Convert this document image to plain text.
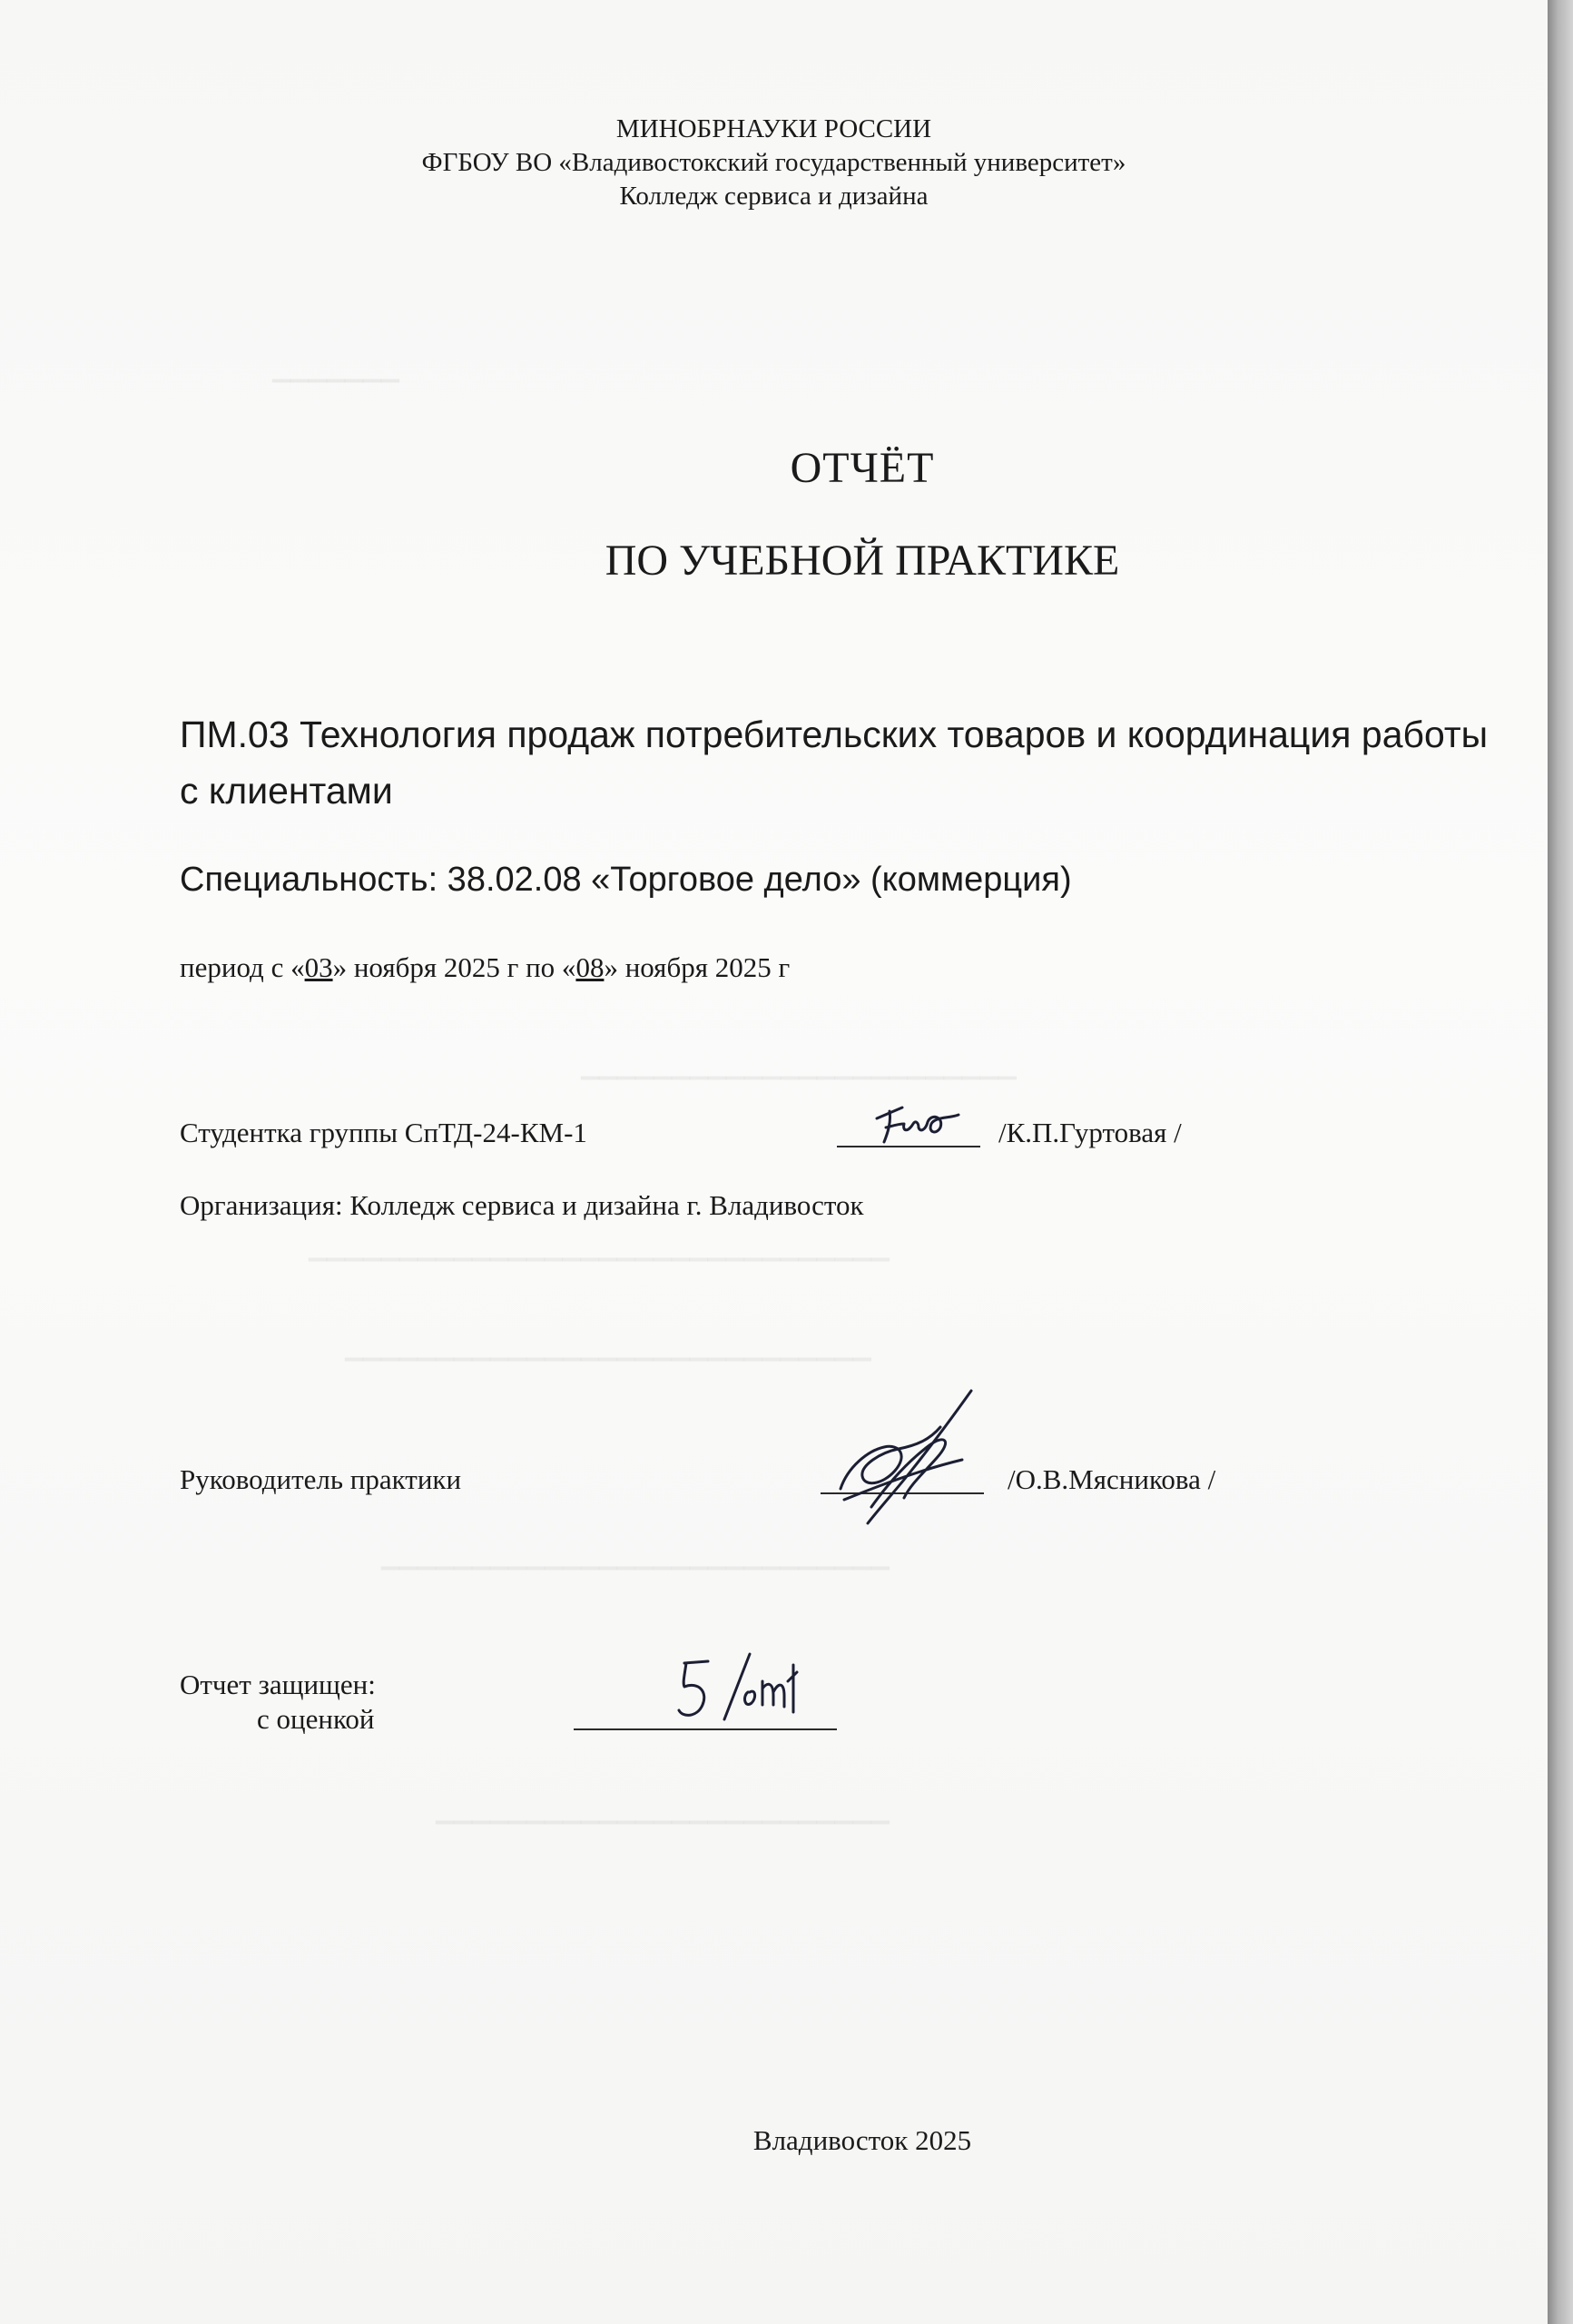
​▁▁▁▁▁▁▁
▁▁▁▁▁▁▁▁▁▁▁▁▁▁▁▁▁▁▁▁▁▁▁▁
▁▁▁▁▁▁▁▁▁▁▁▁▁▁▁▁▁▁▁▁▁▁▁▁▁▁▁▁▁▁▁▁
▁▁▁▁▁▁▁▁▁▁▁▁▁▁▁▁▁▁▁▁▁▁▁▁▁▁▁▁▁
▁▁▁▁▁▁▁▁▁▁▁▁▁▁▁▁▁▁▁▁▁▁▁▁▁▁▁▁
▁▁▁▁▁▁▁▁▁▁▁▁▁▁▁▁▁▁▁▁▁▁▁▁▁
МИНОБРНАУКИ РОССИИ
ФГБОУ ВО «Владивостокский государственный университет»
Колледж сервиса и дизайна
ОТЧЁТ
ПО УЧЕБНОЙ ПРАКТИКЕ
ПМ.03 Технология продаж потребительских товаров и координация работы с клиентами
Специальность: 38.02.08 «Торговое дело» (коммерция)
период с «03» ноября 2025 г по «08» ноября 2025 г
Студентка группы СпТД-24-КМ-1	/К.П.Гуртовая /
Организация: Колледж сервиса и дизайна г. Владивосток
Руководитель практики	/О.В.Мясникова /
Отчет защищен:
с оценкой
Владивосток 2025
